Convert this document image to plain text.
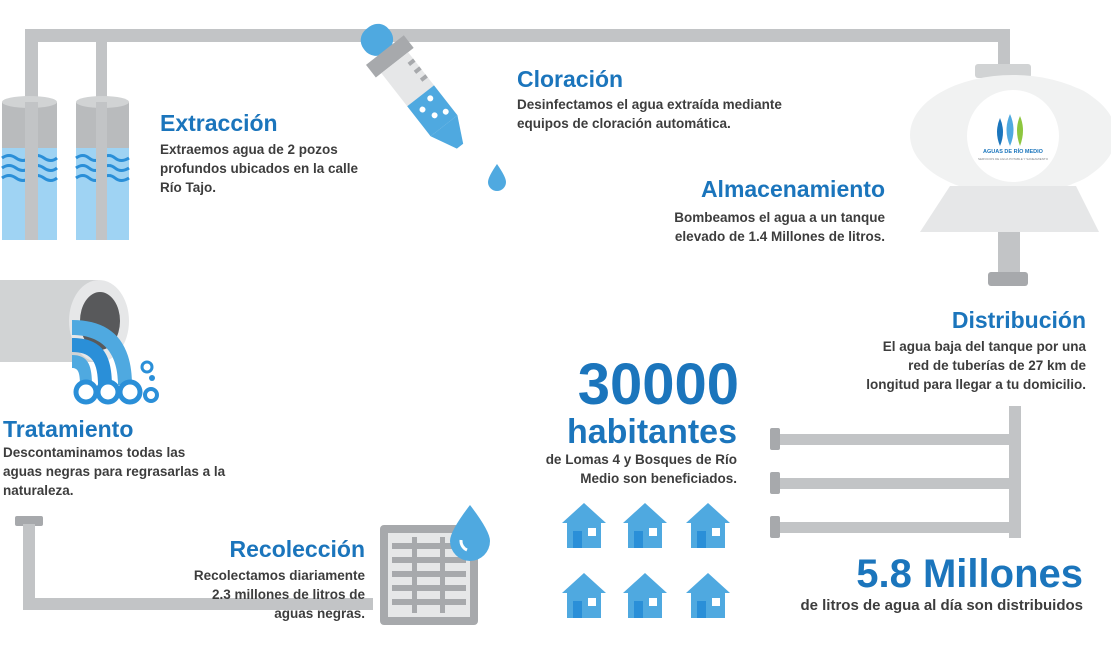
AGUAS DE RÍO MEDIO
SERVICIOS DE AGUA POTABLE Y SANEAMIENTO
Extracción
Extraemos agua de 2 pozos
profundos ubicados en la calle
Río Tajo.
Cloración
Desinfectamos el agua extraída mediante
equipos de cloración automática.
Almacenamiento
Bombeamos el agua a un tanque
elevado de 1.4 Millones de litros.
Distribución
El agua baja del tanque por una
red de tuberías de 27 km de
longitud para llegar a tu domicilio.
Tratamiento
Descontaminamos todas las
aguas negras para regrasarlas a la
naturaleza.
Recolección
Recolectamos diariamente
2.3 millones de litros de
aguas negras.
30000
habitantes
de Lomas 4 y Bosques de Río
Medio son beneficiados.
5.8 Millones
de litros de agua al día son distribuidos
